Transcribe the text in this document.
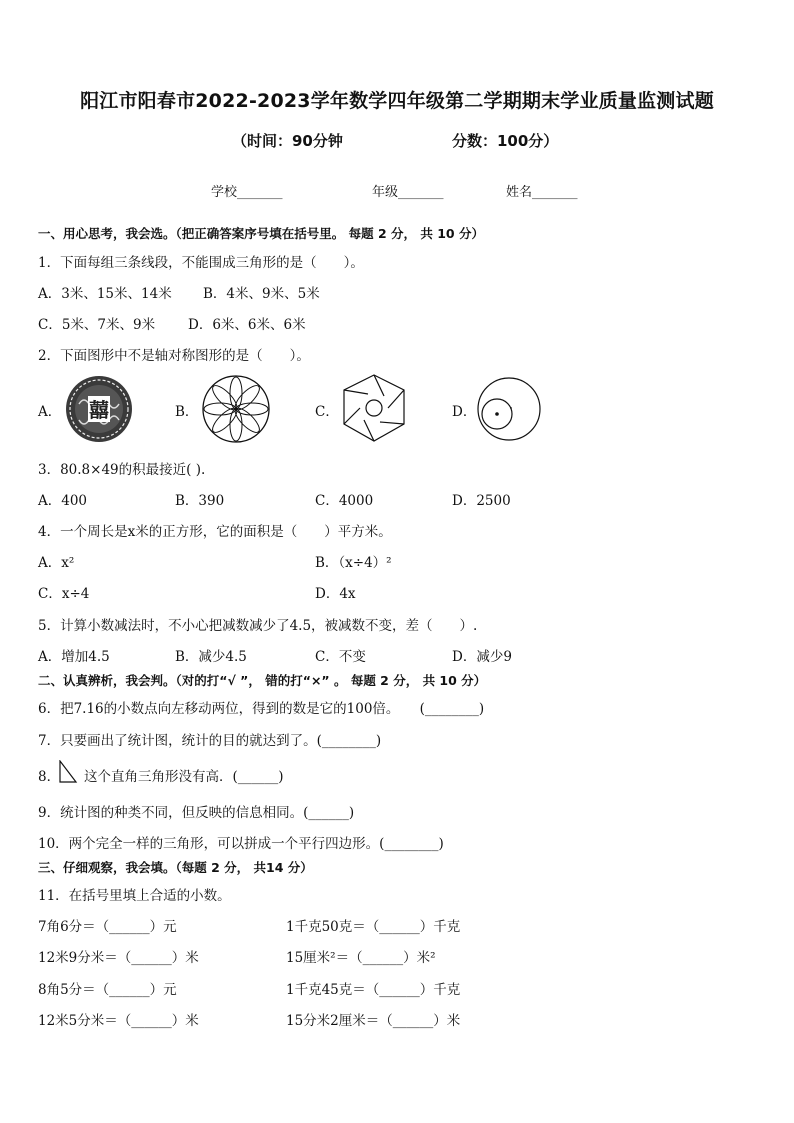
阳江市阳春市2022-2023学年数学四年级第二学期期末学业质量监测试题
（时间：90分钟	分数：100分）
学校_______	年级_______	姓名_______
一、用心思考，我会选。（把正确答案序号填在括号里。 每题 2 分， 共 10 分）
1．下面每组三条线段，不能围成三角形的是（　　）。
A．3米、15米、14米 B．4米、9米、5米
C．5米、7米、9米 D．6米、6米、6米
2．下面图形中不是轴对称图形的是（　　）。
A．	B．	C．	D．
囍
3．80.8×49的积最接近( ).
A．400	B．390	C．4000	D．2500
4．一个周长是x米的正方形，它的面积是（　　）平方米。
A．x²	B．（x÷4）²
C．x÷4	D．4x
5．计算小数减法时，不小心把减数减少了4.5，被减数不变，差（　　）.
A．增加4.5	B．减少4.5	C．不变	D．减少9
二、认真辨析，我会判。（对的打“√ ”， 错的打“×” 。 每题 2 分， 共 10 分）
6．把7.16的小数点向左移动两位，得到的数是它的100倍。　　(________)
7．只要画出了统计图，统计的目的就达到了。(________)
8． 这个直角三角形没有高．(______)
9．统计图的种类不同，但反映的信息相同。(______)
10．两个完全一样的三角形，可以拼成一个平行四边形。(________)
三、仔细观察，我会填。（每题 2 分， 共14 分）
11．在括号里填上合适的小数。
7角6分＝（______）元	1千克50克＝（______）千克
12米9分米＝（______）米	15厘米²＝（______）米²
8角5分＝（______）元	1千克45克＝（______）千克
12米5分米＝（______）米	15分米2厘米＝（______）米
